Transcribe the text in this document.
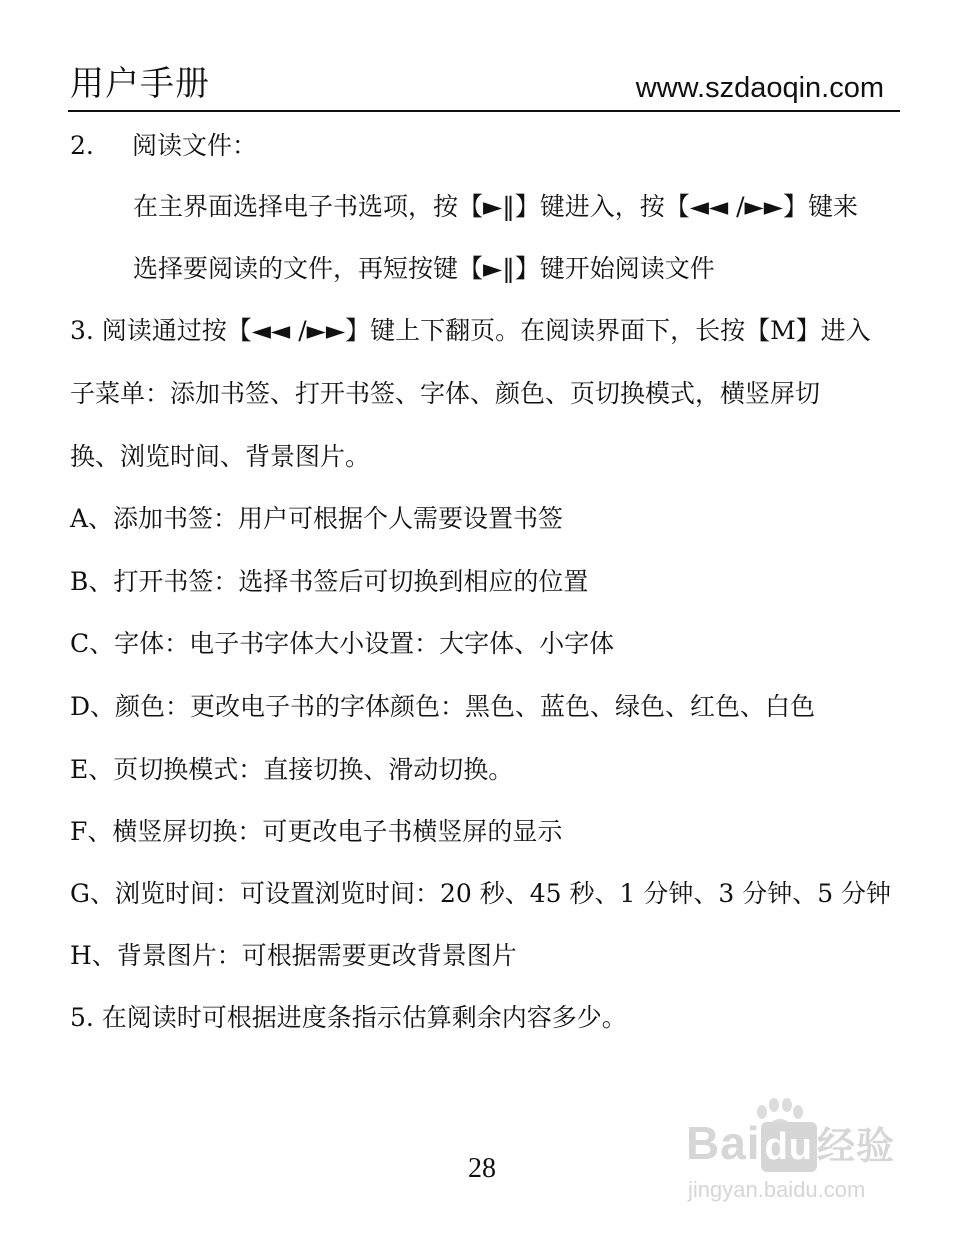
用户手册	www.szdaoqin.com
2. 阅读文件：
在主界面选择电子书选项，按【►‖】键进入，按【◄◄ /►►】键来
选择要阅读的文件，再短按键【►‖】键开始阅读文件
3. 阅读通过按【◄◄ /►►】键上下翻页。在阅读界面下，长按【M】进入
子菜单：添加书签、打开书签、字体、颜色、页切换模式，横竖屏切
换、浏览时间、背景图片。
A、添加书签：用户可根据个人需要设置书签
B、打开书签：选择书签后可切换到相应的位置
C、字体：电子书字体大小设置：大字体、小字体
D、颜色：更改电子书的字体颜色：黑色、蓝色、绿色、红色、白色
E、页切换模式：直接切换、滑动切换。
F、横竖屏切换：可更改电子书横竖屏的显示
G、浏览时间：可设置浏览时间：20 秒、45 秒、1 分钟、3 分钟、5 分钟
H、背景图片：可根据需要更改背景图片
5. 在阅读时可根据进度条指示估算剩余内容多少。
28	Bai du 经验
jingyan.baidu.com
